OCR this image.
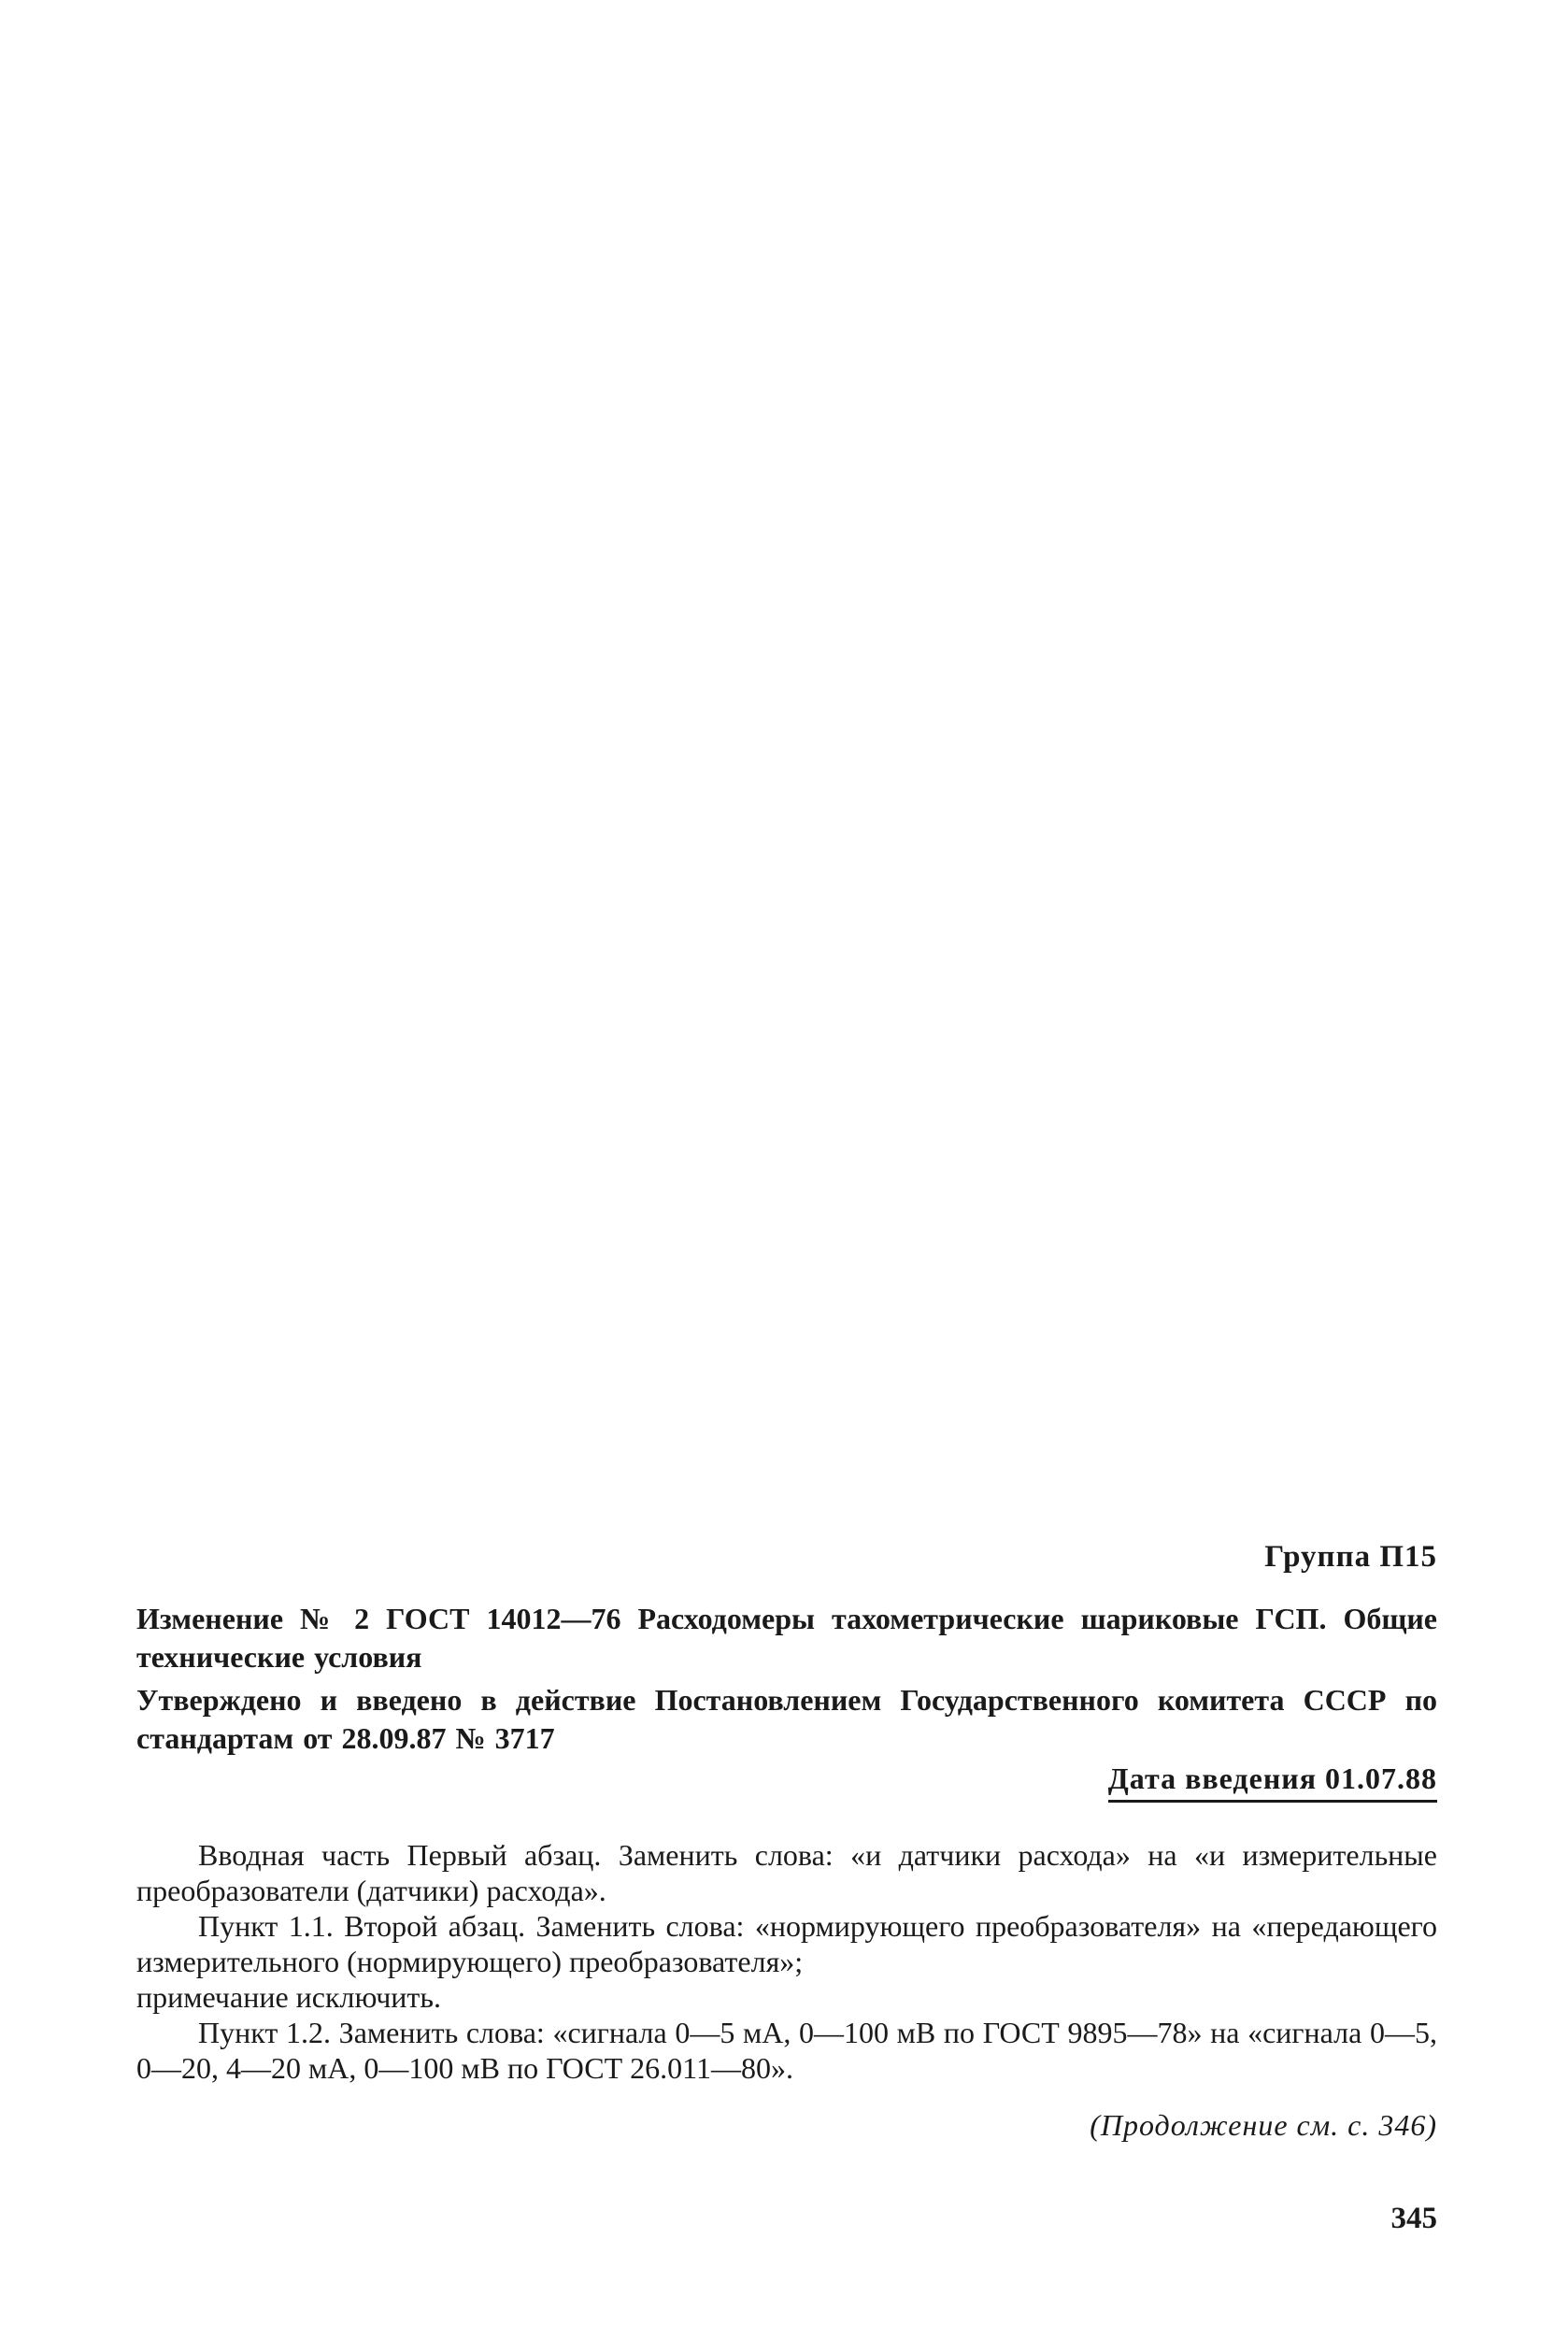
Группа П15
Изменение № 2 ГОСТ 14012—76 Расходомеры тахометрические шариковые ГСП. Общие технические условия
Утверждено и введено в действие Постановлением Государственного комитета СССР по стандартам от 28.09.87 № 3717
Дата введения 01.07.88

Вводная часть Первый абзац. Заменить слова: «и датчики расхода» на «и измерительные преобразователи (датчики) расхода».

Пункт 1.1. Второй абзац. Заменить слова: «нормирующего преобразователя» на «передающего измерительного (нормирующего) преобразователя»;

примечание исключить.

Пункт 1.2. Заменить слова: «сигнала 0—5 мА, 0—100 мВ по ГОСТ 9895—78» на «сигнала 0—5, 0—20, 4—20 мА, 0—100 мВ по ГОСТ 26.011—80».

(Продолжение см. с. 346)
345
